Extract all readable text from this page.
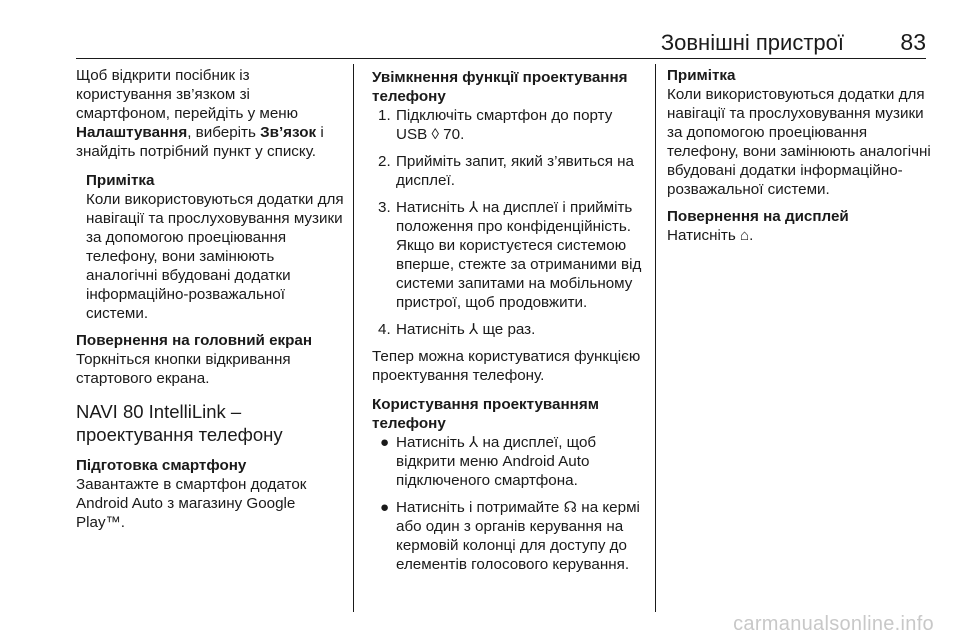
Зовнішні пристрої 83

Щоб відкрити посібник із користування зв’язком зі смартфоном, перейдіть у меню Налаштування, виберіть Зв’язок і знайдіть потрібний пункт у списку.

Примітка

Коли використовуються додатки для навігації та прослуховування музики за допомогою проеціювання телефону, вони замінюють аналогічні вбудовані додатки інформаційно-розважальної системи.

Повернення на головний екран

Торкніться кнопки відкривання стартового екрана.

NAVI 80 IntelliLink – проектування телефону

Підготовка смартфону

Завантажте в смартфон додаток Android Auto з магазину Google Play™.

Увімкнення функції проектування телефону

1. Підключіть смартфон до порту USB ◊ 70.
2. Прийміть запит, який з’явиться на дисплеї.
3. Натисніть ⅄ на дисплеї і прийміть положення про конфіденційність. Якщо ви користуєтеся системою вперше, стежте за отриманими від системи запитами на мобільному пристрої, щоб продовжити.
4. Натисніть ⅄ ще раз.

Тепер можна користуватися функцією проектування телефону.

Користування проектуванням телефону

● Натисніть ⅄ на дисплеї, щоб відкрити меню Android Auto підключеного смартфона.
● Натисніть і потримайте ☊ на кермі або один з органів керування на кермовій колонці для доступу до елементів голосового керування.

Примітка

Коли використовуються додатки для навігації та прослуховування музики за допомогою проеціювання телефону, вони замінюють аналогічні вбудовані додатки інформаційно-розважальної системи.

Повернення на дисплей

Натисніть ⌂.

carmanualsonline.info
